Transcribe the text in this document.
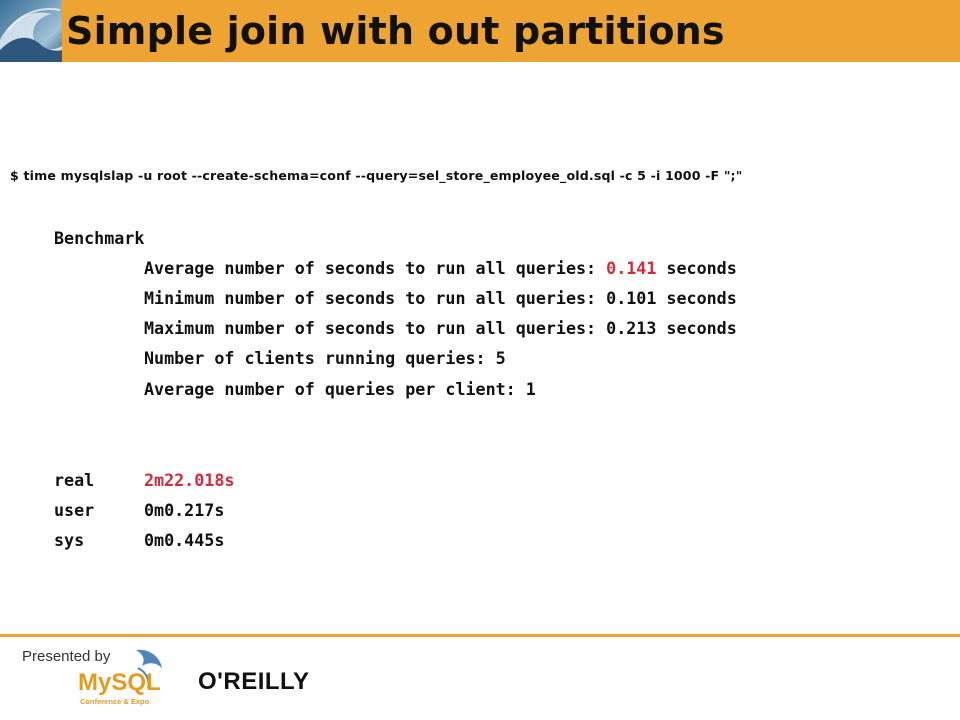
Simple join with out partitions
$ time mysqlslap -u root --create-schema=conf --query=sel_store_employee_old.sql -c 5 -i 1000 -F ";"
Benchmark
Average number of seconds to run all queries: 0.141 seconds
Minimum number of seconds to run all queries: 0.101 seconds
Maximum number of seconds to run all queries: 0.213 seconds
Number of clients running queries: 5
Average number of queries per client: 1
real	2m22.018s
user	0m0.217s
sys	0m0.445s
Presented by
MySQL
Conference & Expo
O'REILLY
